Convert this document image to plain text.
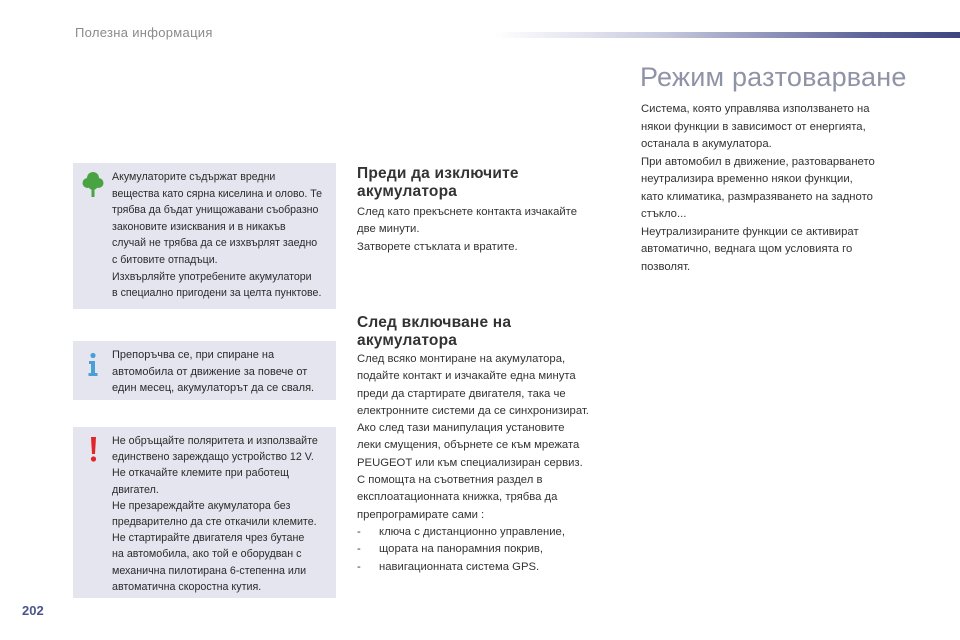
Полезна информация

Акумулаторите съдържат вредни

вещества като сярна киселина и олово. Те

трябва да бъдат унищожавани съобразно

законовите изисквания и в никакъв

случай не трябва да се изхвърлят заедно

с битовите отпадъци.

Изхвърляйте употребените акумулатори

в специално пригодени за целта пунктове.

Препоръчва се, при спиране на

автомобила от движение за повече от

един месец, акумулаторът да се сваля.

Не обръщайте поляритета и използвайте

единствено зареждащо устройство 12 V.

Не откачайте клемите при работещ

двигател.

Не презареждайте акумулатора без

предварително да сте откачили клемите.

Не стартирайте двигателя чрез бутане

на автомобила, ако той е оборудван с

механична пилотирана 6-степенна или

автоматична скоростна кутия.

Преди да изключите
акумулатора

След като прекъснете контакта изчакайте

две минути.

Затворете стъклата и вратите.

След включване на
акумулатора

След всяко монтиране на акумулатора,

подайте контакт и изчакайте една минута

преди да стартирате двигателя, така че

електронните системи да се синхронизират.

Ако след тази манипулация установите

леки смущения, обърнете се към мрежата

PEUGEOT или към специализиран сервиз.

С помощта на съответния раздел в

експлоатационната книжка, трябва да

препрограмирате сами :

- ключа с дистанционно управление,
- щората на панорамния покрив,
- навигационната система GPS.
Режим разтоварване

Система, която управлява използването на

някои функции в зависимост от енергията,

останала в акумулатора.

При автомобил в движение, разтоварването

неутрализира временно някои функции,

като климатика, размразяването на задното

стъкло...

Неутрализираните функции се активират

автоматично, веднага щом условията го

позволят.

202
